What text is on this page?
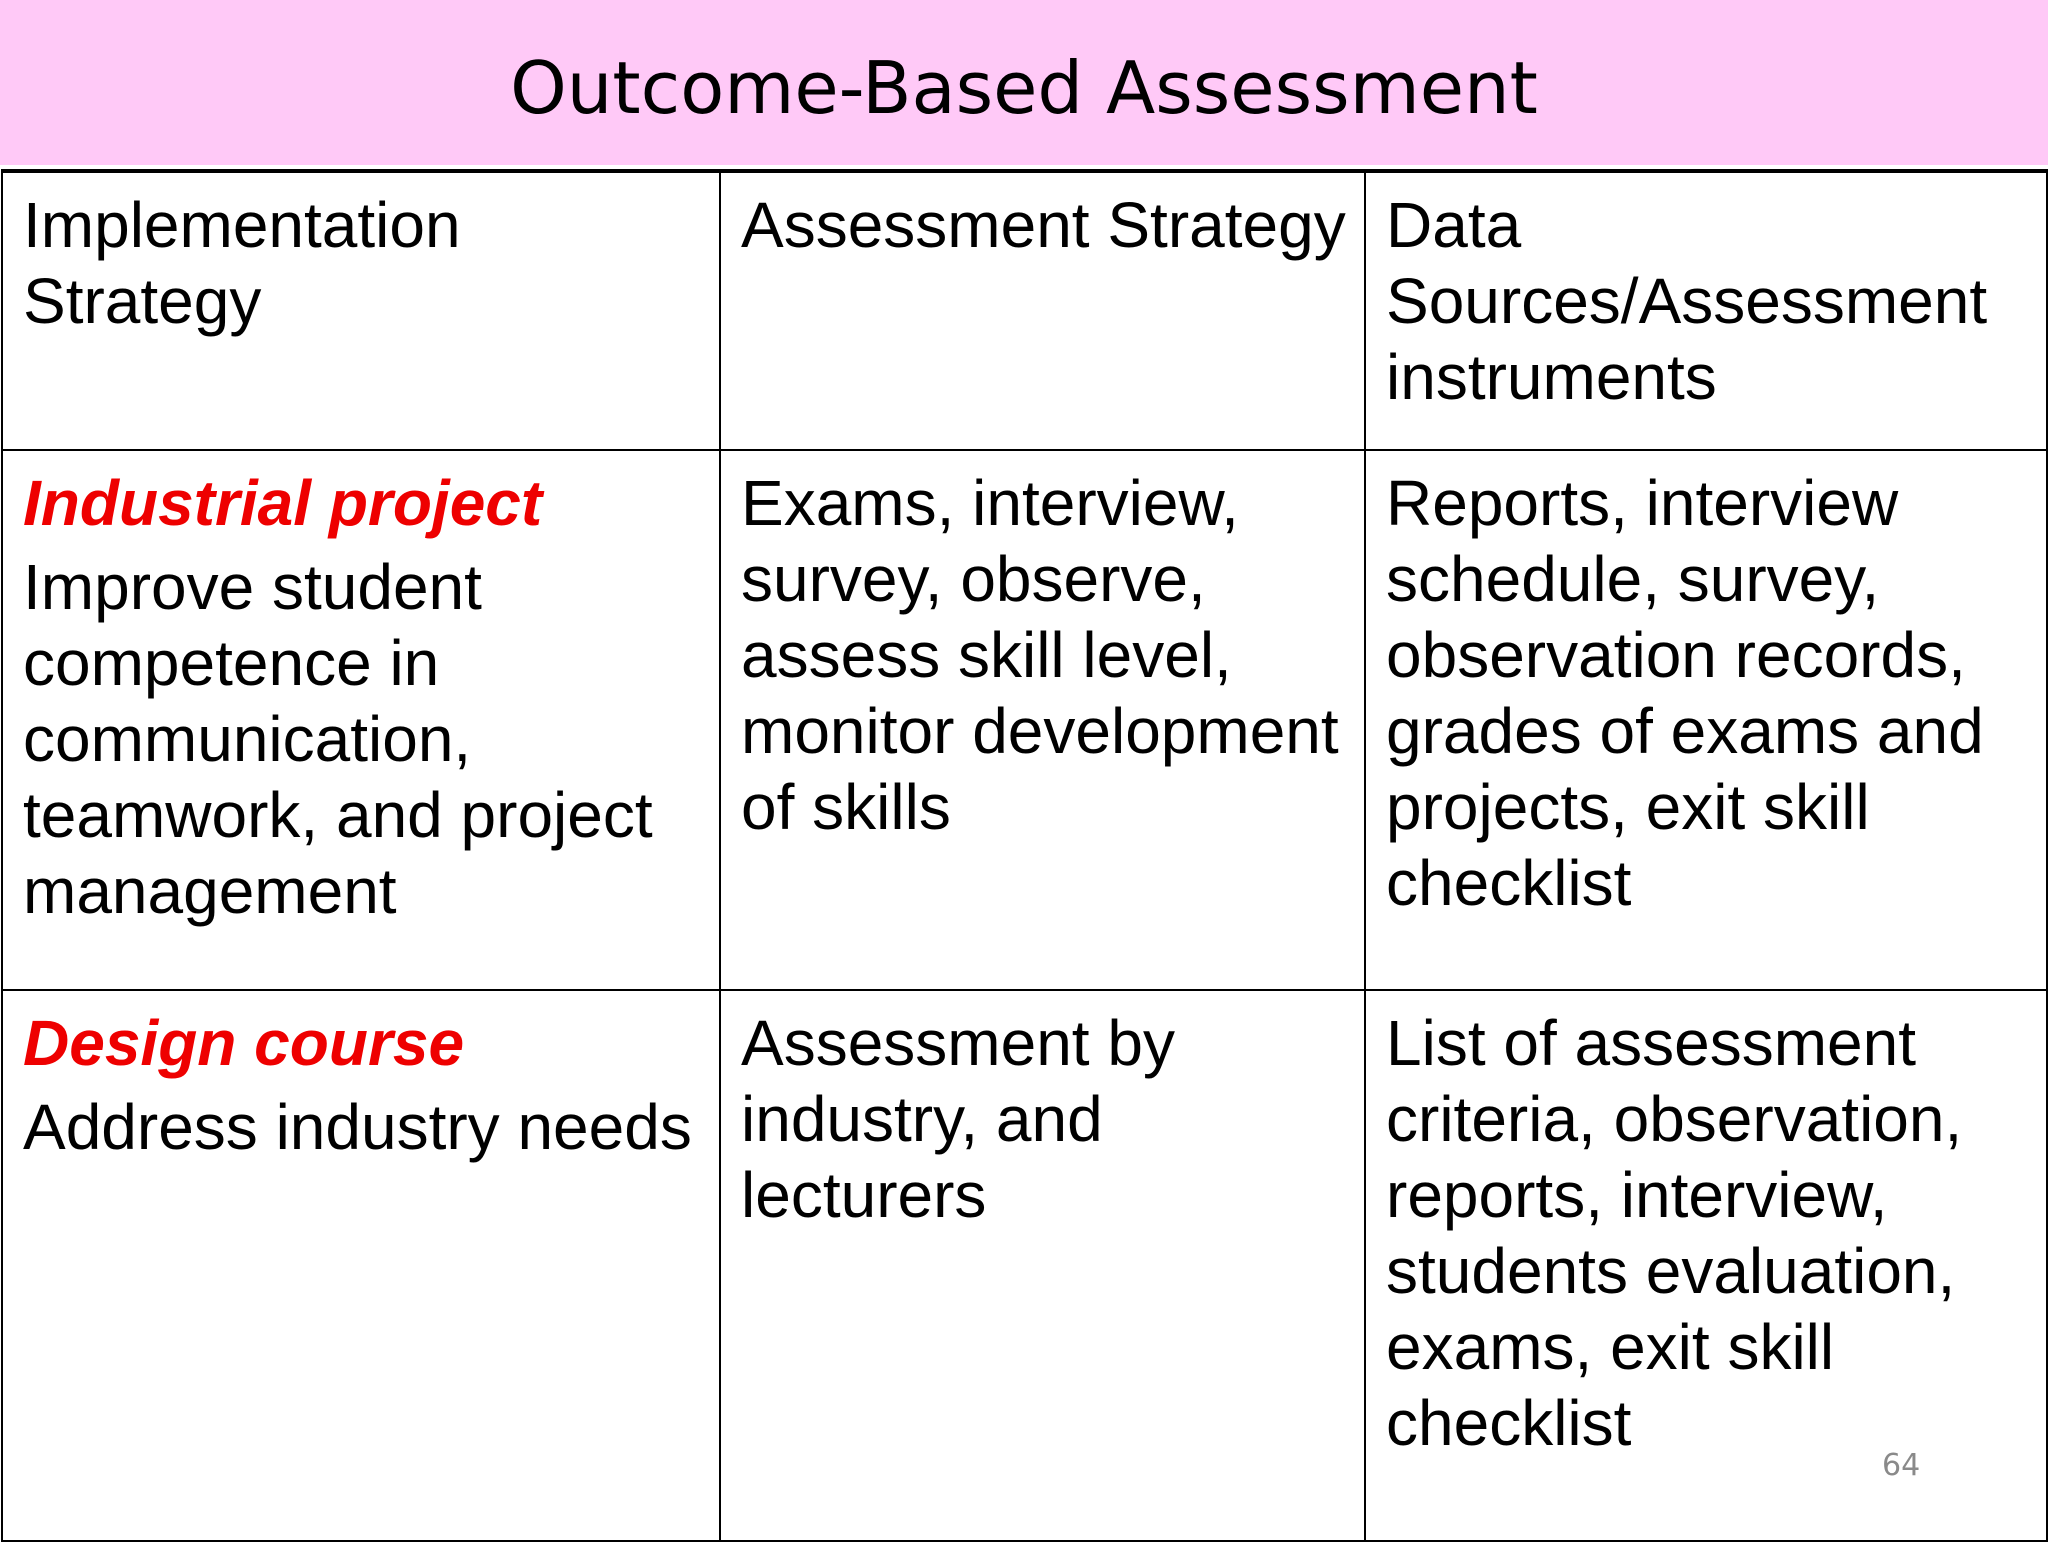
Outcome-Based Assessment
Implementation Strategy	Assessment Strategy	Data Sources/Assessment instruments

Industrial project
Improve student competence in communication, teamwork, and project management	Exams, interview, survey, observe, assess skill level, monitor development of skills	Reports, interview schedule, survey, observation records, grades of exams and projects, exit skill checklist

Design course
Address industry needs	Assessment by industry, and lecturers	List of assessment criteria, observation, reports, interview, students evaluation, exams, exit skill checklist
64
